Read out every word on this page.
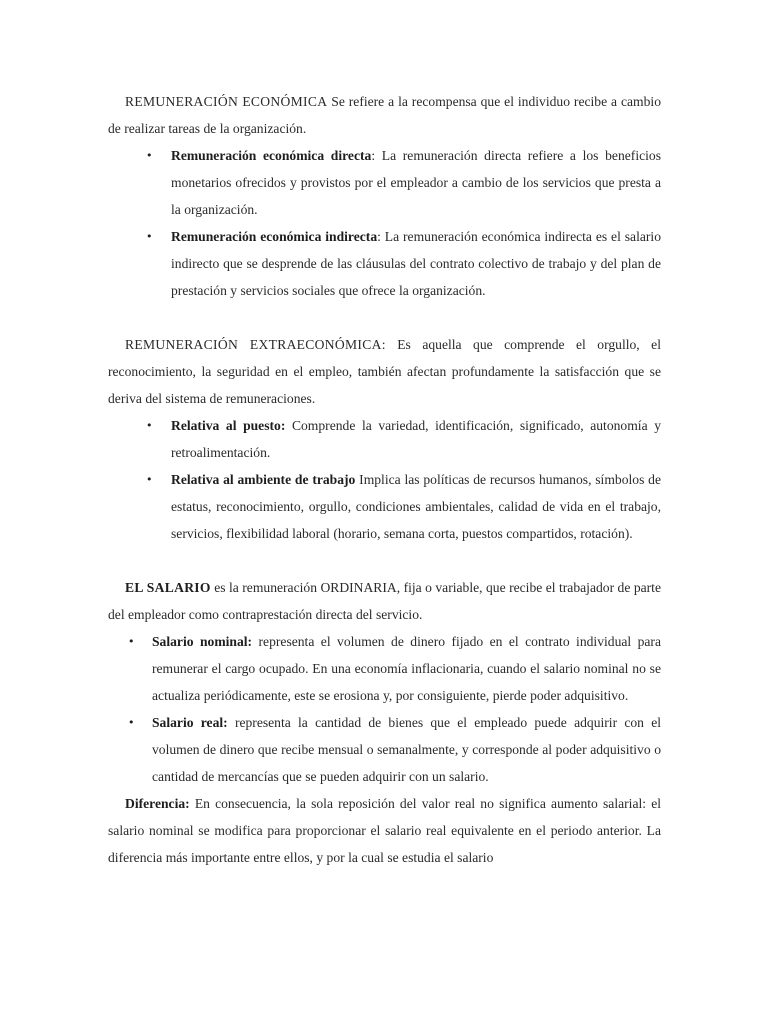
REMUNERACIÓN ECONÓMICA Se refiere a la recompensa que el individuo recibe a cambio de realizar tareas de la organización.

• Remuneración económica directa: La remuneración directa refiere a los beneficios monetarios ofrecidos y provistos por el empleador a cambio de los servicios que presta a la organización.
• Remuneración económica indirecta: La remuneración económica indirecta es el salario indirecto que se desprende de las cláusulas del contrato colectivo de trabajo y del plan de prestación y servicios sociales que ofrece la organización.

REMUNERACIÓN EXTRAECONÓMICA: Es aquella que comprende el orgullo, el reconocimiento, la seguridad en el empleo, también afectan profundamente la satisfacción que se deriva del sistema de remuneraciones.

• Relativa al puesto: Comprende la variedad, identificación, significado, autonomía y retroalimentación.
• Relativa al ambiente de trabajo Implica las políticas de recursos humanos, símbolos de estatus, reconocimiento, orgullo, condiciones ambientales, calidad de vida en el trabajo, servicios, flexibilidad laboral (horario, semana corta, puestos compartidos, rotación).

EL SALARIO es la remuneración ORDINARIA, fija o variable, que recibe el trabajador de parte del empleador como contraprestación directa del servicio.

• Salario nominal: representa el volumen de dinero fijado en el contrato individual para remunerar el cargo ocupado. En una economía inflacionaria, cuando el salario nominal no se actualiza periódicamente, este se erosiona y, por consiguiente, pierde poder adquisitivo.
• Salario real: representa la cantidad de bienes que el empleado puede adquirir con el volumen de dinero que recibe mensual o semanalmente, y corresponde al poder adquisitivo o cantidad de mercancías que se pueden adquirir con un salario.

Diferencia: En consecuencia, la sola reposición del valor real no significa aumento salarial: el salario nominal se modifica para proporcionar el salario real equivalente en el periodo anterior. La diferencia más importante entre ellos, y por la cual se estudia el salario
